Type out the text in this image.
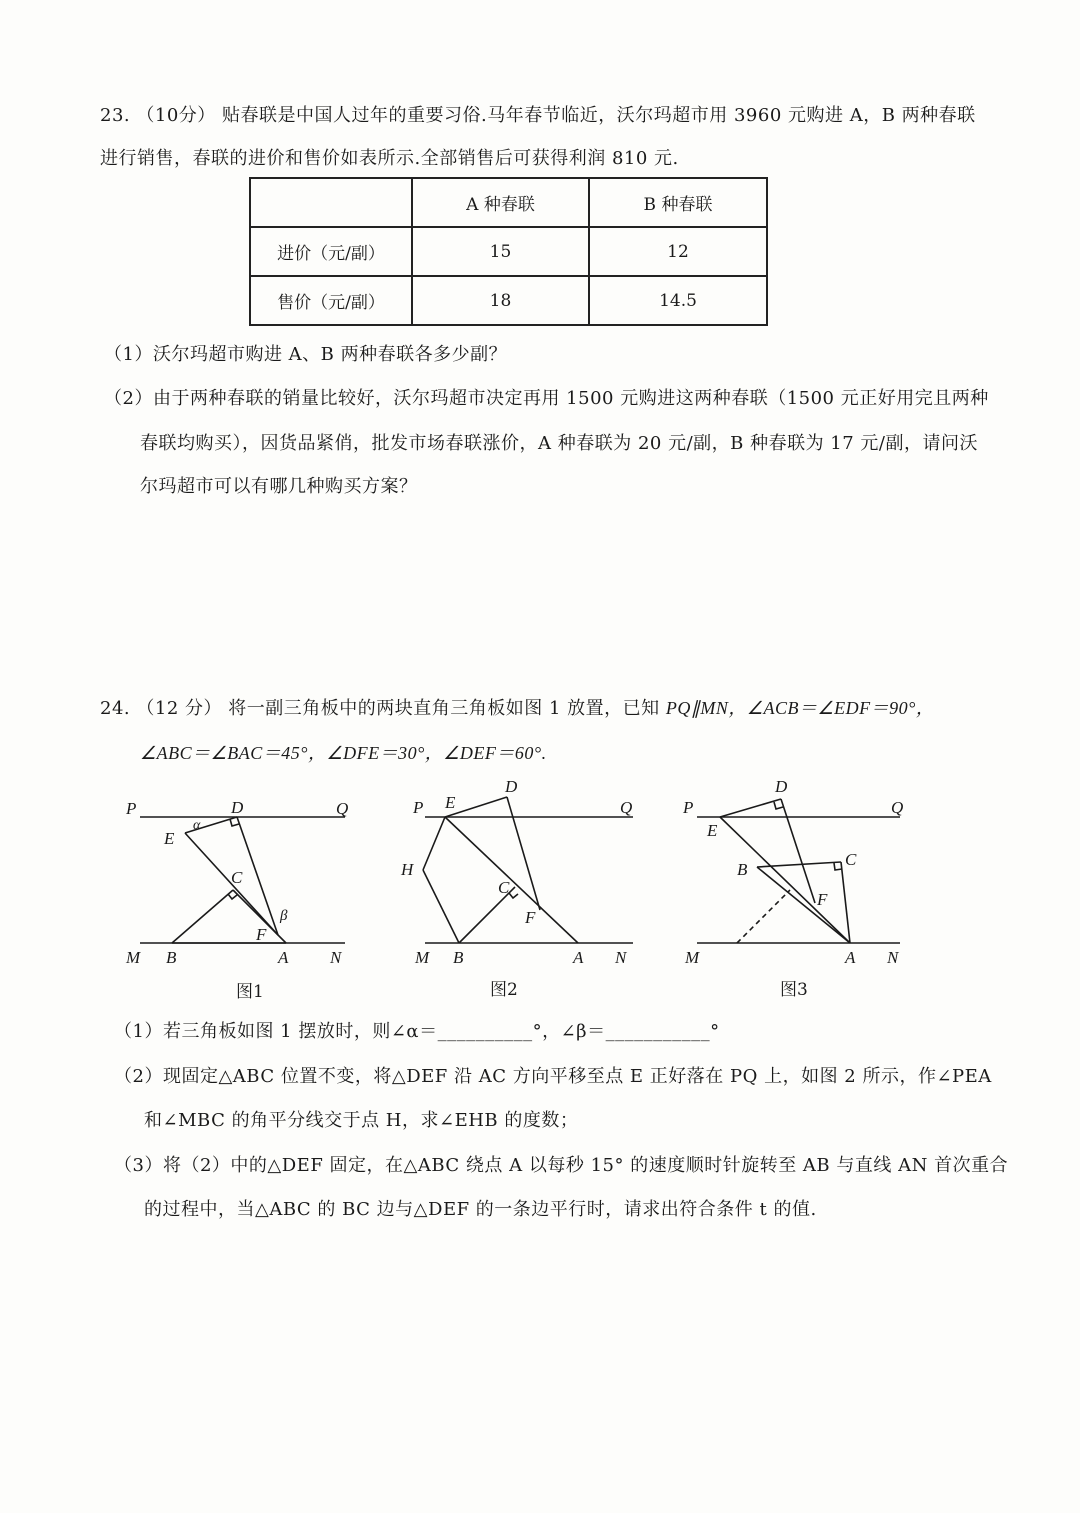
23. （10分） 贴春联是中国人过年的重要习俗.马年春节临近，沃尔玛超市用 3960 元购进 A，B 两种春联
进行销售，春联的进价和售价如表所示.全部销售后可获得利润 810 元.
	A 种春联	B 种春联
进价（元/副）	15	12
售价（元/副）	18	14.5
（1）沃尔玛超市购进 A、B 两种春联各多少副？
（2）由于两种春联的销量比较好，沃尔玛超市决定再用 1500 元购进这两种春联（1500 元正好用完且两种
春联均购买），因货品紧俏，批发市场春联涨价，A 种春联为 20 元/副，B 种春联为 17 元/副，请问沃
尔玛超市可以有哪几种购买方案？
24. （12 分） 将一副三角板中的两块直角三角板如图 1 放置，已知 PQ∥MN，∠ACB＝∠EDF＝90°，
∠ABC＝∠BAC＝45°，∠DFE＝30°，∠DEF＝60°.
P	Q
D
E
α
C
β
F
M B	A N
图1
P E
D
Q
H
C
F
M B	A N
图2
P
D
Q
E
B
C
F
M	A N
图3
（1）若三角板如图 1 摆放时，则∠α＝__________°，∠β＝___________°
（2）现固定△ABC 位置不变，将△DEF 沿 AC 方向平移至点 E 正好落在 PQ 上，如图 2 所示，作∠PEA
和∠MBC 的角平分线交于点 H，求∠EHB 的度数；
（3）将（2）中的△DEF 固定，在△ABC 绕点 A 以每秒 15° 的速度顺时针旋转至 AB 与直线 AN 首次重合
的过程中，当△ABC 的 BC 边与△DEF 的一条边平行时，请求出符合条件 t 的值.
